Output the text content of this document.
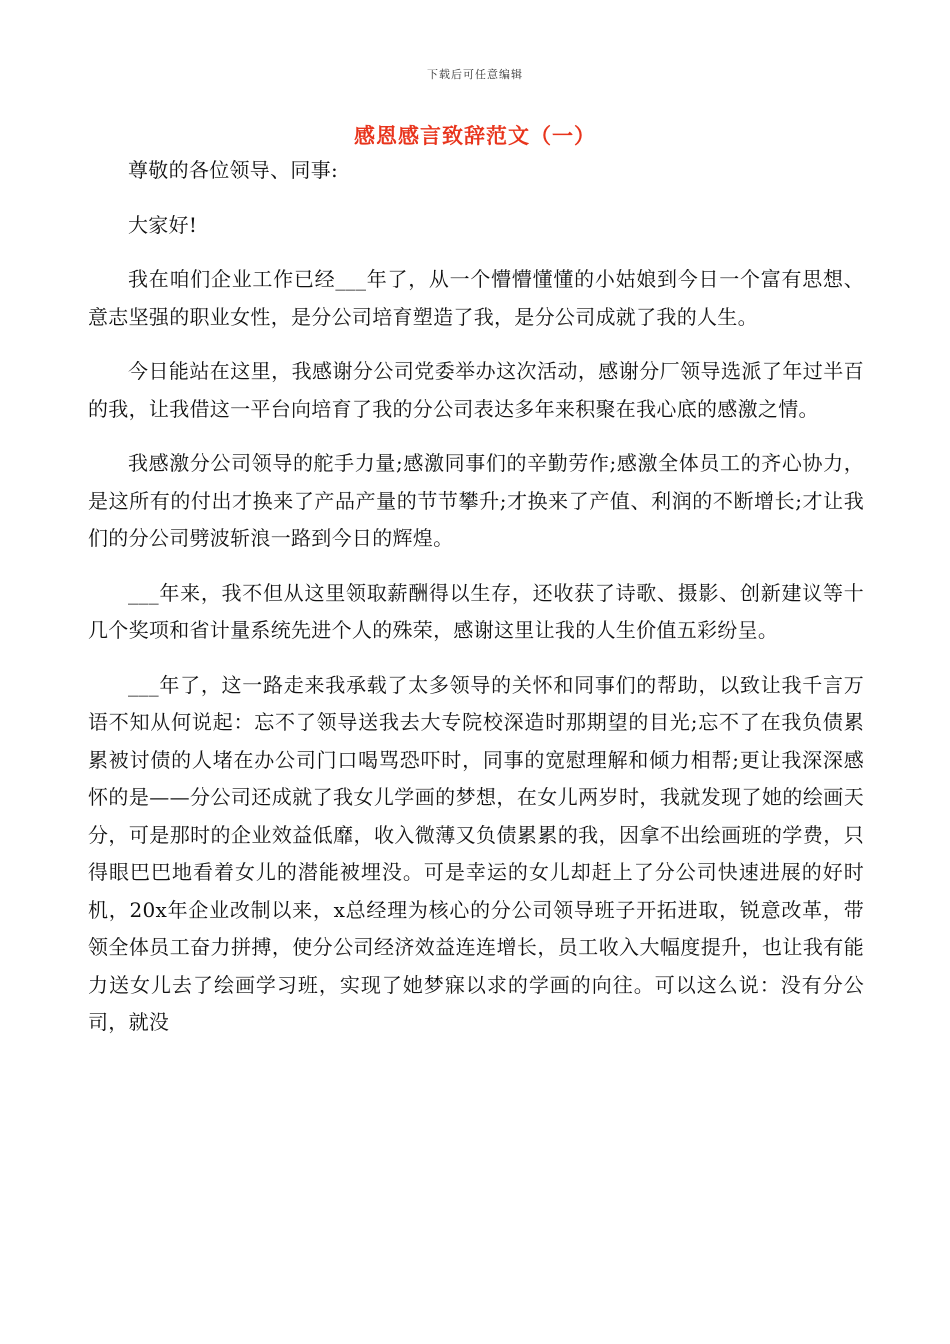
下载后可任意编辑
感恩感言致辞范文（一）

尊敬的各位领导、同事:

大家好!

我在咱们企业工作已经___年了，从一个懵懵懂懂的小姑娘到今日一个富有思想、意志坚强的职业女性，是分公司培育塑造了我，是分公司成就了我的人生。

今日能站在这里，我感谢分公司党委举办这次活动，感谢分厂领导选派了年过半百的我，让我借这一平台向培育了我的分公司表达多年来积聚在我心底的感激之情。

我感激分公司领导的舵手力量;感激同事们的辛勤劳作;感激全体员工的齐心协力，是这所有的付出才换来了产品产量的节节攀升;才换来了产值、利润的不断增长;才让我们的分公司劈波斩浪一路到今日的辉煌。

___年来，我不但从这里领取薪酬得以生存，还收获了诗歌、摄影、创新建议等十几个奖项和省计量系统先进个人的殊荣，感谢这里让我的人生价值五彩纷呈。

___年了，这一路走来我承载了太多领导的关怀和同事们的帮助，以致让我千言万语不知从何说起：忘不了领导送我去大专院校深造时那期望的目光;忘不了在我负债累累被讨债的人堵在办公司门口喝骂恐吓时，同事的宽慰理解和倾力相帮;更让我深深感怀的是——分公司还成就了我女儿学画的梦想，在女儿两岁时，我就发现了她的绘画天分，可是那时的企业效益低靡，收入微薄又负债累累的我，因拿不出绘画班的学费，只得眼巴巴地看着女儿的潜能被埋没。可是幸运的女儿却赶上了分公司快速进展的好时机，20x年企业改制以来，x总经理为核心的分公司领导班子开拓进取，锐意改革，带领全体员工奋力拼搏，使分公司经济效益连连增长，员工收入大幅度提升，也让我有能力送女儿去了绘画学习班，实现了她梦寐以求的学画的向往。可以这么说：没有分公司，就没
